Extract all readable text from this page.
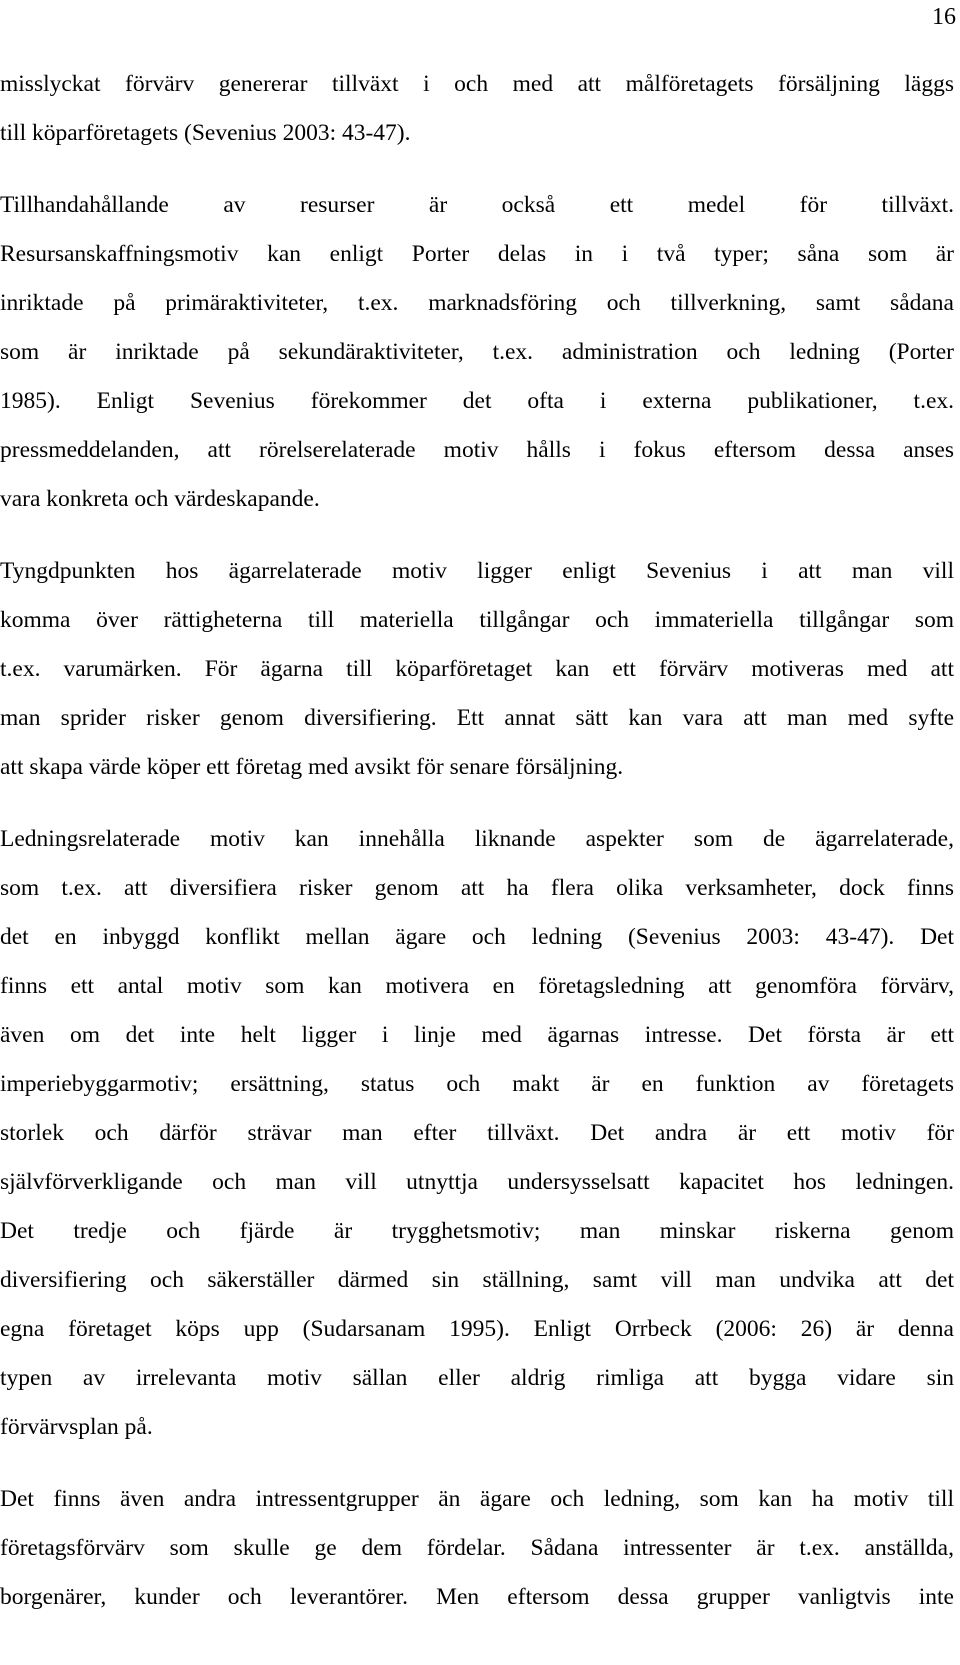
16
misslyckat förvärv genererar tillväxt i och med att målföretagets försäljning läggs
till köparföretagets (Sevenius 2003: 43-47).
Tillhandahållande av resurser är också ett medel för tillväxt.
Resursanskaffningsmotiv kan enligt Porter delas in i två typer; såna som är
inriktade på primäraktiviteter, t.ex. marknadsföring och tillverkning, samt sådana
som är inriktade på sekundäraktiviteter, t.ex. administration och ledning (Porter
1985). Enligt Sevenius förekommer det ofta i externa publikationer, t.ex.
pressmeddelanden, att rörelserelaterade motiv hålls i fokus eftersom dessa anses
vara konkreta och värdeskapande.
Tyngdpunkten hos ägarrelaterade motiv ligger enligt Sevenius i att man vill
komma över rättigheterna till materiella tillgångar och immateriella tillgångar som
t.ex. varumärken. För ägarna till köparföretaget kan ett förvärv motiveras med att
man sprider risker genom diversifiering. Ett annat sätt kan vara att man med syfte
att skapa värde köper ett företag med avsikt för senare försäljning.
Ledningsrelaterade motiv kan innehålla liknande aspekter som de ägarrelaterade,
som t.ex. att diversifiera risker genom att ha flera olika verksamheter, dock finns
det en inbyggd konflikt mellan ägare och ledning (Sevenius 2003: 43-47). Det
finns ett antal motiv som kan motivera en företagsledning att genomföra förvärv,
även om det inte helt ligger i linje med ägarnas intresse. Det första är ett
imperiebyggarmotiv; ersättning, status och makt är en funktion av företagets
storlek och därför strävar man efter tillväxt. Det andra är ett motiv för
självförverkligande och man vill utnyttja undersysselsatt kapacitet hos ledningen.
Det tredje och fjärde är trygghetsmotiv; man minskar riskerna genom
diversifiering och säkerställer därmed sin ställning, samt vill man undvika att det
egna företaget köps upp (Sudarsanam 1995). Enligt Orrbeck (2006: 26) är denna
typen av irrelevanta motiv sällan eller aldrig rimliga att bygga vidare sin
förvärvsplan på.
Det finns även andra intressentgrupper än ägare och ledning, som kan ha motiv till
företagsförvärv som skulle ge dem fördelar. Sådana intressenter är t.ex. anställda,
borgenärer, kunder och leverantörer. Men eftersom dessa grupper vanligtvis inte
